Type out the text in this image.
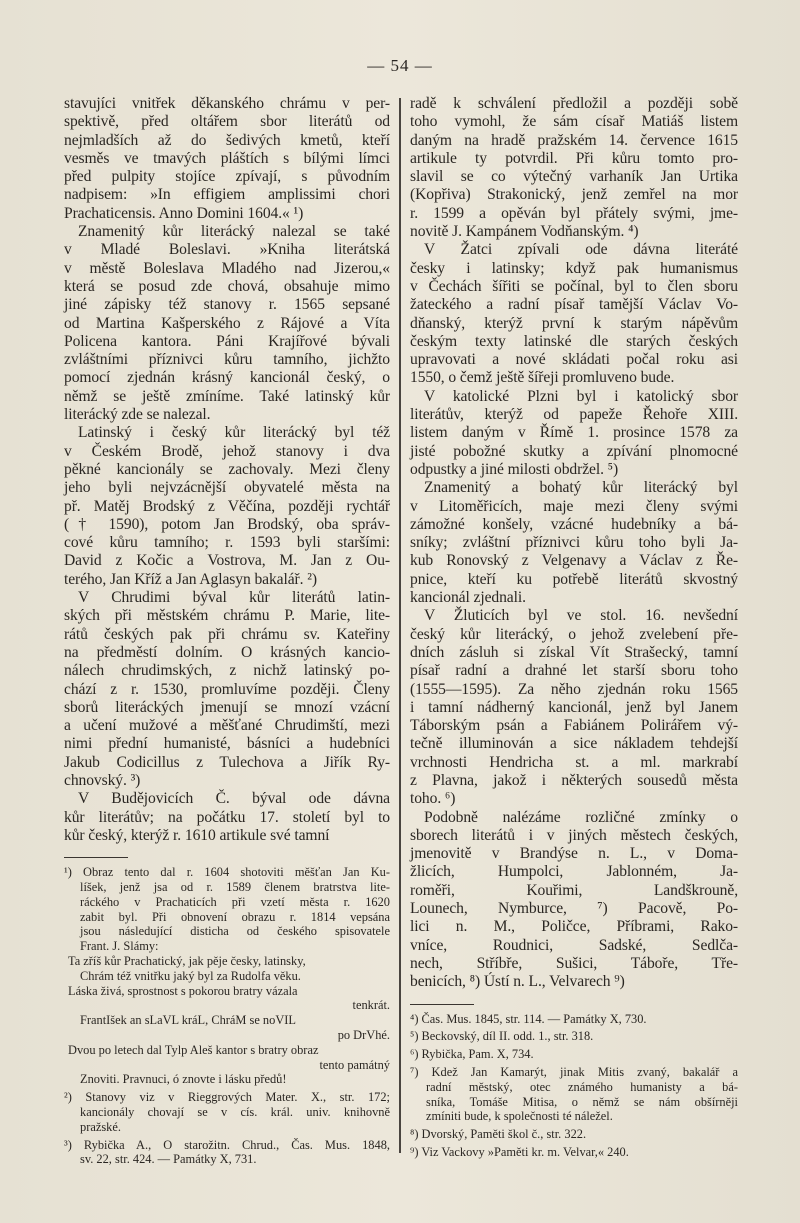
— 54 —
stavujíci vnitřek děkanského chrámu v per-
spektivě, před oltářem sbor literátů od
nejmladších až do šedivých kmetů, kteří
vesměs ve tmavých pláštích s bílými límci
před pulpity stojíce zpívají, s původním
nadpisem: »In effigiem amplissimi chori
Prachaticensis. Anno Domini 1604.« ¹)
Znamenitý kůr literácký nalezal se také
v Mladé Boleslavi. »Kniha literátská
v městě Boleslava Mladého nad Jizerou,«
která se posud zde chová, obsahuje mimo
jiné zápisky též stanovy r. 1565 sepsané
od Martina Kašperského z Rájové a Víta
Policena kantora. Páni Krajířové bývali
zvláštními příznivci kůru tamního, jichžto
pomocí zjednán krásný kancionál český, o
němž se ještě zmíníme. Také latinský kůr
literácký zde se nalezal.
Latinský i český kůr literácký byl též
v Českém Brodě, jehož stanovy i dva
pěkné kancionály se zachovaly. Mezi členy
jeho byli nejvzácnější obyvatelé města na
př. Matěj Brodský z Věčína, později rychtář
(† 1590), potom Jan Brodský, oba správ-
cové kůru tamního; r. 1593 byli staršími:
David z Kočic a Vostrova, M. Jan z Ou-
terého, Jan Kříž a Jan Aglasyn bakalář. ²)
V Chrudimi býval kůr literátů latin-
ských při městském chrámu P. Marie, lite-
rátů českých pak při chrámu sv. Kateřiny
na předměstí dolním. O krásných kancio-
nálech chrudimských, z nichž latinský po-
chází z r. 1530, promluvíme později. Členy
sborů literáckých jmenují se mnozí vzácní
a učení mužové a měšťané Chrudimští, mezi
nimi přední humanisté, básníci a hudebníci
Jakub Codicillus z Tulechova a Jiřík Ry-
chnovský. ³)
V Budějovicích Č. býval ode dávna
kůr literátův; na počátku 17. století byl to
kůr český, kterýž r. 1610 artikule své tamní
¹) Obraz tento dal r. 1604 shotoviti měšťan Jan Ku-
líšek, jenž jsa od r. 1589 členem bratrstva lite-
ráckého v Prachaticích při vzetí města r. 1620
zabit byl. Při obnovení obrazu r. 1814 vepsána
jsou následující disticha od českého spisovatele
Frant. J. Slámy:
Ta zříš kůr Prachatický, jak pěje česky, latinsky,
Chrám též vnitřku jaký byl za Rudolfa věku.
Láska živá, sprostnost s pokorou bratry vázala
tenkrát.
FrantIšek an sLaVL kráL, ChráM se noVIL
po DrVhé.
Dvou po letech dal Tylp Aleš kantor s bratry obraz
tento památný
Znoviti. Pravnuci, ó znovte i lásku předů!
²) Stanovy viz v Rieggrových Mater. X., str. 172;
kancionály chovají se v cís. král. univ. knihovně
pražské.
³) Rybička A., O starožitn. Chrud., Čas. Mus. 1848,
sv. 22, str. 424. — Památky X, 731.
radě k schválení předložil a později sobě
toho vymohl, že sám císař Matiáš listem
daným na hradě pražském 14. července 1615
artikule ty potvrdil. Při kůru tomto pro-
slavil se co výtečný varhaník Jan Urtika
(Kopřiva) Strakonický, jenž zemřel na mor
r. 1599 a opěván byl přátely svými, jme-
novitě J. Kampánem Vodňanským. ⁴)
V Žatci zpívali ode dávna literáté
česky i latinsky; když pak humanismus
v Čechách šířiti se počínal, byl to člen sboru
žateckého a radní písař tamější Václav Vo-
dňanský, kterýž první k starým nápěvům
českým texty latinské dle starých českých
upravovati a nové skládati počal roku asi
1550, o čemž ještě šířeji promluveno bude.
V katolické Plzni byl i katolický sbor
literátův, kterýž od papeže Řehoře XIII.
listem daným v Římě 1. prosince 1578 za
jisté pobožné skutky a zpívání plnomocné
odpustky a jiné milosti obdržel. ⁵)
Znamenitý a bohatý kůr literácký byl
v Litoměřicích, maje mezi členy svými
zámožné konšely, vzácné hudebníky a bá-
sníky; zvláštní příznivci kůru toho byli Ja-
kub Ronovský z Velgenavy a Václav z Ře-
pnice, kteří ku potřebě literátů skvostný
kancionál zjednali.
V Žluticích byl ve stol. 16. nevšední
český kůr literácký, o jehož zvelebení pře-
dních zásluh si získal Vít Strašecký, tamní
písař radní a drahné let starší sboru toho
(1555—1595). Za něho zjednán roku 1565
i tamní nádherný kancionál, jenž byl Janem
Táborským psán a Fabiánem Polirářem vý-
tečně illuminován a sice nákladem tehdejší
vrchnosti Hendricha st. a ml. markrabí
z Plavna, jakož i některých sousedů města
toho. ⁶)
Podobně nalézáme rozličné zmínky o
sborech literátů i v jiných městech českých,
jmenovitě v Brandýse n. L., v Doma-
žlicích, Humpolci, Jablonném, Ja-
roměři, Kouřimi, Landškrouně,
Lounech, Nymburce, ⁷) Pacově, Po-
lici n. M., Poličce, Příbrami, Rako-
vníce, Roudnici, Sadské, Sedlča-
nech, Stříbře, Sušici, Táboře, Tře-
benicích, ⁸) Ústí n. L., Velvarech ⁹)
⁴) Čas. Mus. 1845, str. 114. — Památky X, 730.
⁵) Beckovský, díl II. odd. 1., str. 318.
⁶) Rybička, Pam. X, 734.
⁷) Kdež Jan Kamarýt, jinak Mitis zvaný, bakalář a
radní městský, otec známého humanisty a bá-
sníka, Tomáše Mitisa, o němž se nám obšírněji
zmíniti bude, k společnosti té náležel.
⁸) Dvorský, Paměti škol č., str. 322.
⁹) Viz Vackovy »Paměti kr. m. Velvar,« 240.
